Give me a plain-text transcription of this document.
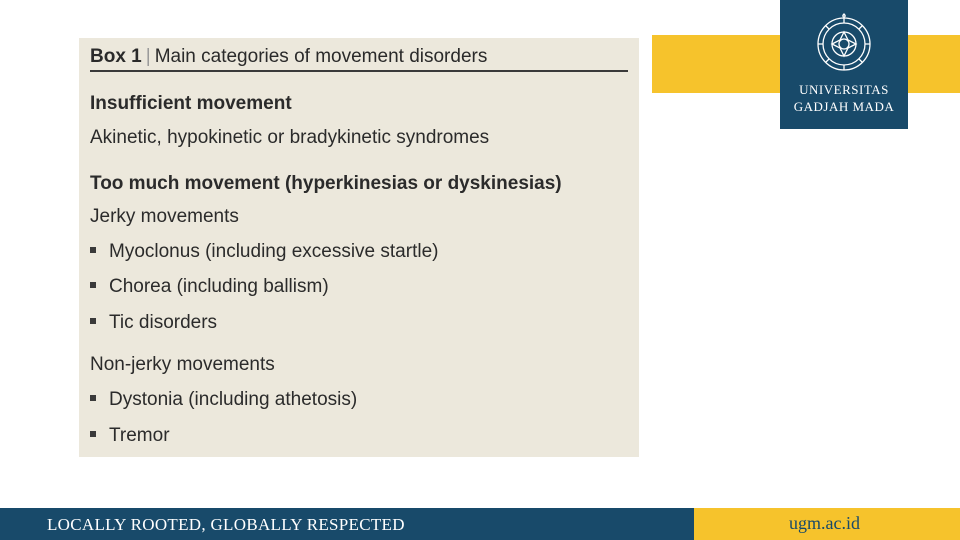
Box 1 | Main categories of movement disorders
Insufficient movement
Akinetic, hypokinetic or bradykinetic syndromes
Too much movement (hyperkinesias or dyskinesias)
Jerky movements
Myoclonus (including excessive startle)
Chorea (including ballism)
Tic disorders
Non-jerky movements
Dystonia (including athetosis)
Tremor
UNIVERSITAS
GADJAH MADA
LOCALLY ROOTED, GLOBALLY RESPECTED	ugm.ac.id
